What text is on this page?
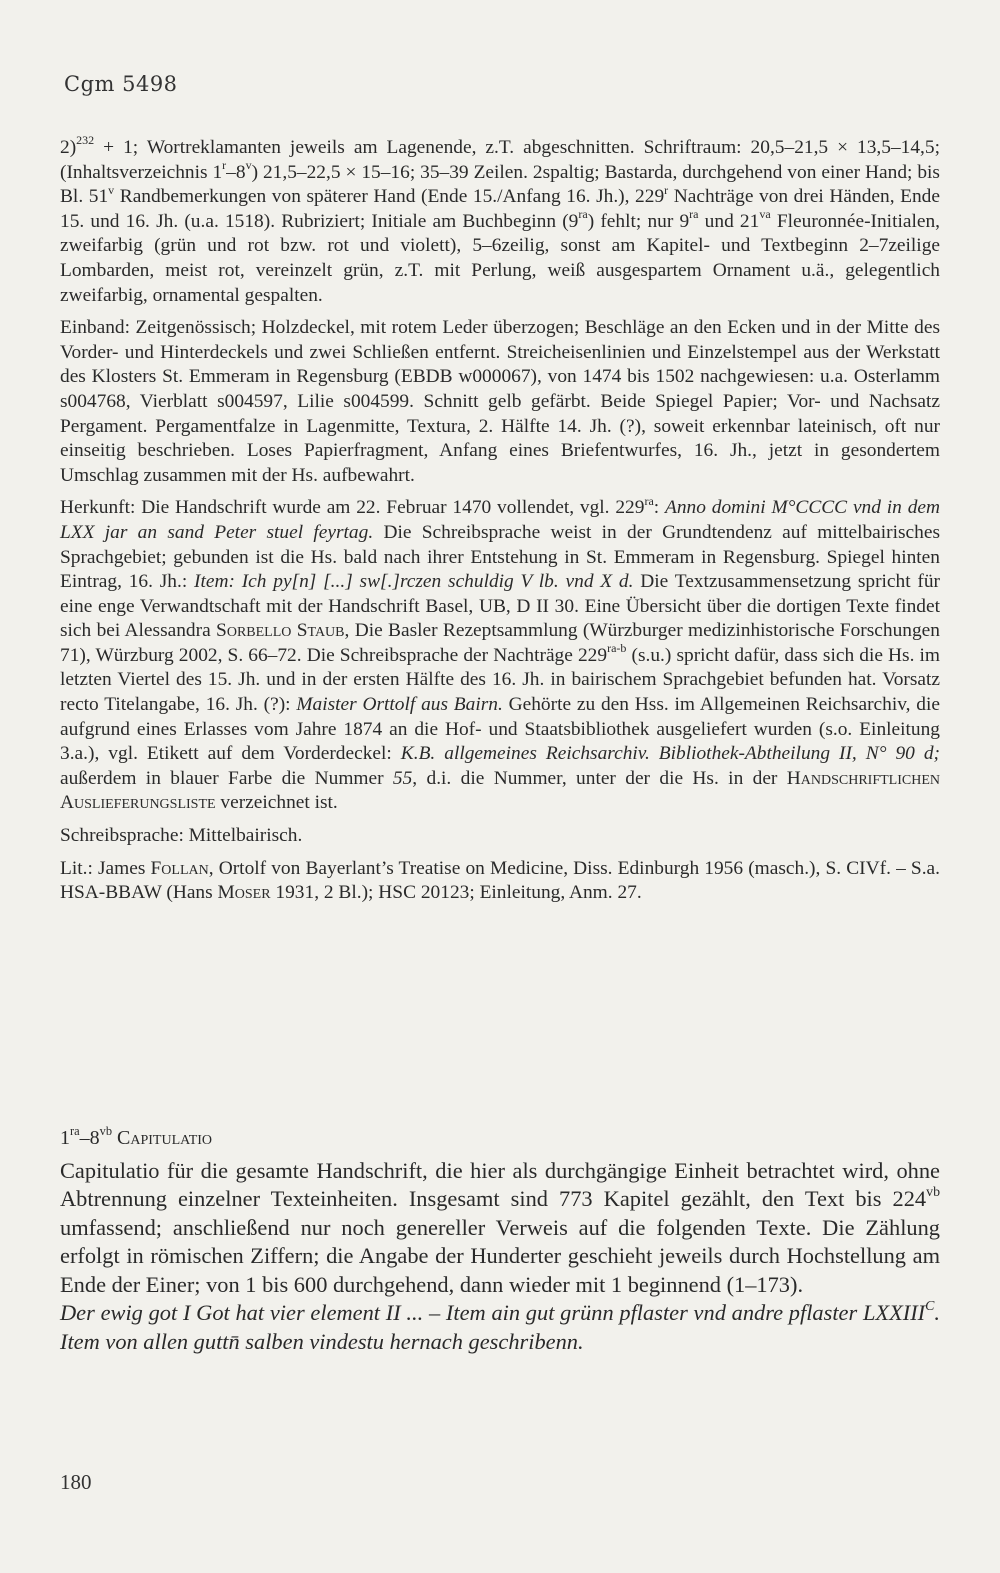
Cgm 5498

2)$^{232}$ + 1; Wortreklamanten jeweils am Lagenende, z.T. abgeschnitten. Schriftraum: 20,5–21,5 × 13,5–14,5; (Inhaltsverzeichnis 1$^r$–8$^v$) 21,5–22,5 × 15–16; 35–39 Zeilen. 2spaltig; Bastarda, durchgehend von einer Hand; bis Bl. 51$^v$ Randbemerkungen von späterer Hand (Ende 15./Anfang 16. Jh.), 229$^r$ Nachträge von drei Händen, Ende 15. und 16. Jh. (u.a. 1518). Rubriziert; Initiale am Buchbeginn $(9^{ra})$ fehlt; nur $9^{ra}$ und $21^{va}$ Fleuronnée-Initialen, zweifarbig (grün und rot bzw. rot und violett), 5–6zeilig, sonst am Kapitel- und Textbeginn 2–7zeilige Lombarden, meist rot, vereinzelt grün, z.T. mit Perlung, weiß ausgespartem Ornament u.ä., gelegentlich zweifarbig, ornamental gespalten.

Einband: Zeitgenössisch; Holzdeckel, mit rotem Leder überzogen; Beschläge an den Ecken und in der Mitte des Vorder- und Hinterdeckels und zwei Schließen entfernt. Streicheisenlinien und Einzelstempel aus der Werkstatt des Klosters St. Emmeram in Regensburg (EBDB w000067), von 1474 bis 1502 nachgewiesen: u.a. Osterlamm s004768, Vierblatt s004597, Lilie s004599. Schnitt gelb gefärbt. Beide Spiegel Papier; Vor- und Nachsatz Pergament. Pergamentfalze in Lagenmitte, Textura, 2. Hälfte 14. Jh. (?), soweit erkennbar lateinisch, oft nur einseitig beschrieben. Loses Papierfragment, Anfang eines Briefentwurfes, 16. Jh., jetzt in gesondertem Umschlag zusammen mit der Hs. aufbewahrt.

Herkunft: Die Handschrift wurde am 22. Februar 1470 vollendet, vgl. $229^{ra}$: Anno domini M°CCCC vnd in dem LXX jar an sand Peter stuel feyrtag. Die Schreibsprache weist in der Grundtendenz auf mittelbairisches Sprachgebiet; gebunden ist die Hs. bald nach ihrer Entstehung in St. Emmeram in Regensburg. Spiegel hinten Eintrag, 16. Jh.: Item: Ich py[n] [...] sw[.]rczen schuldig V lb. vnd X d. Die Textzusammensetzung spricht für eine enge Verwandtschaft mit der Handschrift Basel, UB, D II 30. Eine Übersicht über die dortigen Texte findet sich bei Alessandra Sorbello Staub, Die Basler Rezeptsammlung (Würzburger medizinhistorische Forschungen 71), Würzburg 2002, S. 66–72. Die Schreibsprache der Nachträge $229^{ra-b}$ (s.u.) spricht dafür, dass sich die Hs. im letzten Viertel des 15. Jh. und in der ersten Hälfte des 16. Jh. in bairischem Sprachgebiet befunden hat. Vorsatz recto Titelangabe, 16. Jh. (?): Maister Orttolf aus Bairn. Gehörte zu den Hss. im Allgemeinen Reichsarchiv, die aufgrund eines Erlasses vom Jahre 1874 an die Hof- und Staatsbibliothek ausgeliefert wurden (s.o. Einleitung 3.a.), vgl. Etikett auf dem Vorderdeckel: K.B. allgemeines Reichsarchiv. Bibliothek-Abtheilung II, N° 90 d; außerdem in blauer Farbe die Nummer 55, d.i. die Nummer, unter der die Hs. in der Handschriftlichen Auslieferungsliste verzeichnet ist.

Schreibsprache: Mittelbairisch.

Lit.: James Follan, Ortolf von Bayerlant’s Treatise on Medicine, Diss. Edinburgh 1956 (masch.), S. CIVf. – S.a. HSA-BBAW (Hans Moser 1931, 2 Bl.); HSC 20123; Einleitung, Anm. 27.

$1^{ra}-8^{vb}$ Capitulatio

Capitulatio für die gesamte Handschrift, die hier als durchgängige Einheit betrachtet wird, ohne Abtrennung einzelner Texteinheiten. Insgesamt sind 773 Kapitel gezählt, den Text bis $224^{vb}$ umfassend; anschließend nur noch genereller Verweis auf die folgenden Texte. Die Zählung erfolgt in römischen Ziffern; die Angabe der Hunderter geschieht jeweils durch Hochstellung am Ende der Einer; von 1 bis 600 durchgehend, dann wieder mit 1 beginnend (1–173).

Der ewig got I Got hat vier element II ... – Item ain gut grünn pflaster vnd andre pflaster $LXXIII^C$. Item von allen guttn̄ salben vindestu hernach geschribenn.

180
